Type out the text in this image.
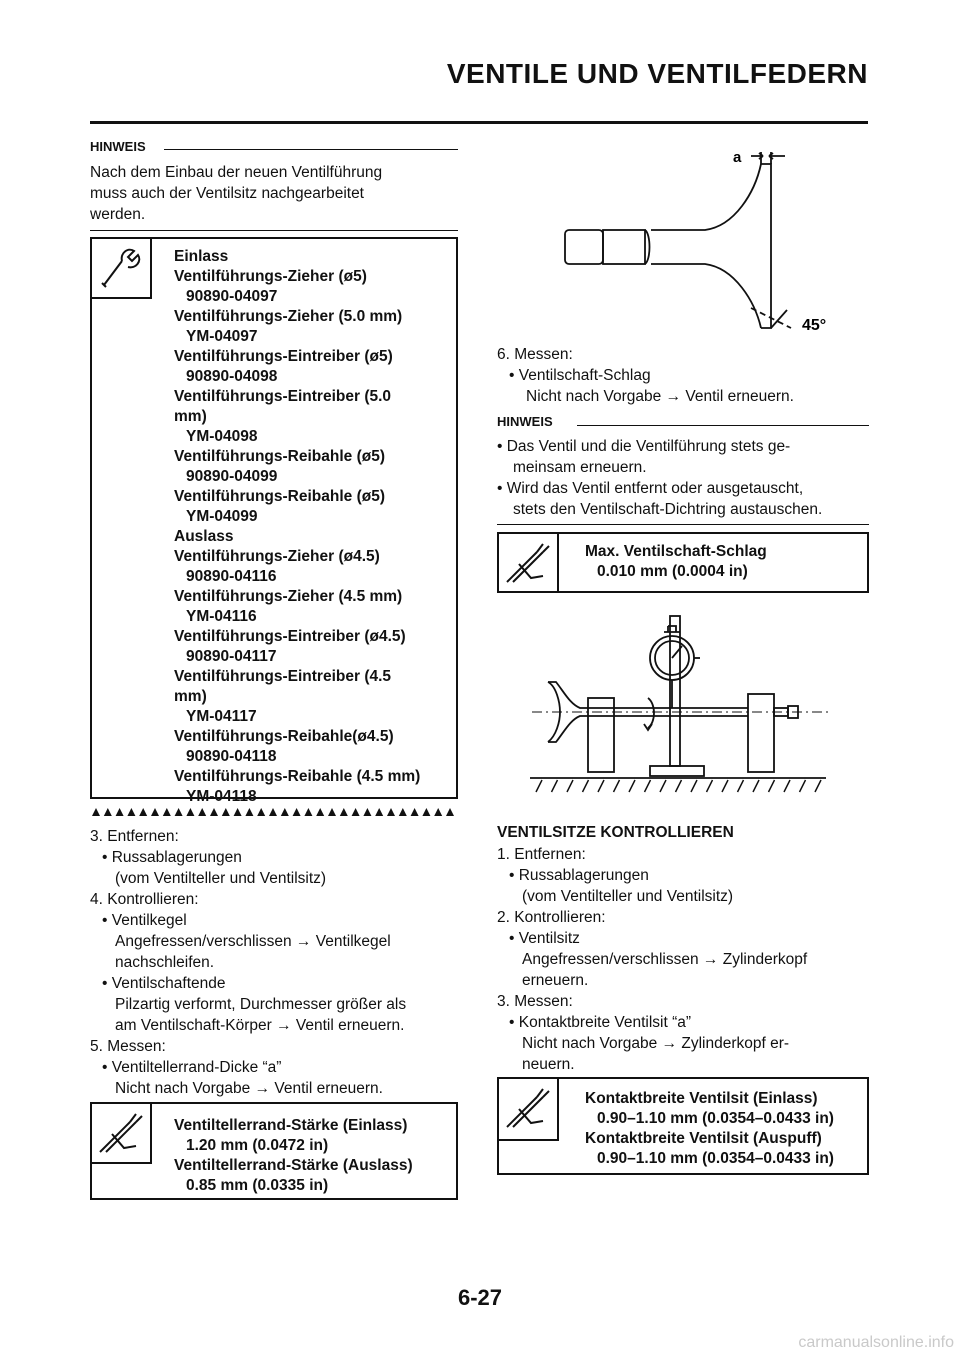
VENTILE UND VENTILFEDERN
HINWEIS
Nach dem Einbau der neuen Ventilführung
muss auch der Ventilsitz nachgearbeitet
werden.
Einlass
Ventilführungs-Zieher (ø5)
90890-04097
Ventilführungs-Zieher (5.0 mm)
YM-04097
Ventilführungs-Eintreiber (ø5)
90890-04098
Ventilführungs-Eintreiber (5.0
mm)
YM-04098
Ventilführungs-Reibahle (ø5)
90890-04099
Ventilführungs-Reibahle (ø5)
YM-04099
Auslass
Ventilführungs-Zieher (ø4.5)
90890-04116
Ventilführungs-Zieher (4.5 mm)
YM-04116
Ventilführungs-Eintreiber (ø4.5)
90890-04117
Ventilführungs-Eintreiber (4.5
mm)
YM-04117
Ventilführungs-Reibahle(ø4.5)
90890-04118
Ventilführungs-Reibahle (4.5 mm)
YM-04118
3. Entfernen:
• Russablagerungen
(vom Ventilteller und Ventilsitz)
4. Kontrollieren:
• Ventilkegel
Angefressen/verschlissen → Ventilkegel
nachschleifen.
• Ventilschaftende
Pilzartig verformt, Durchmesser größer als
am Ventilschaft-Körper → Ventil erneuern.
5. Messen:
• Ventiltellerrand-Dicke “a”
Nicht nach Vorgabe → Ventil erneuern.
Ventiltellerrand-Stärke (Einlass)
1.20 mm (0.0472 in)
Ventiltellerrand-Stärke (Auslass)
0.85 mm (0.0335 in)
a
45°
6. Messen:
• Ventilschaft-Schlag
Nicht nach Vorgabe → Ventil erneuern.
HINWEIS
• Das Ventil und die Ventilführung stets ge-
meinsam erneuern.
• Wird das Ventil entfernt oder ausgetauscht,
stets den Ventilschaft-Dichtring austauschen.
Max. Ventilschaft-Schlag
0.010 mm (0.0004 in)
VENTILSITZE KONTROLLIEREN
1. Entfernen:
• Russablagerungen
(vom Ventilteller und Ventilsitz)
2. Kontrollieren:
• Ventilsitz
Angefressen/verschlissen → Zylinderkopf
erneuern.
3. Messen:
• Kontaktbreite Ventilsit “a”
Nicht nach Vorgabe → Zylinderkopf er-
neuern.
Kontaktbreite Ventilsit (Einlass)
0.90–1.10 mm (0.0354–0.0433 in)
Kontaktbreite Ventilsit (Auspuff)
0.90–1.10 mm (0.0354–0.0433 in)
6-27
carmanualsonline.info
